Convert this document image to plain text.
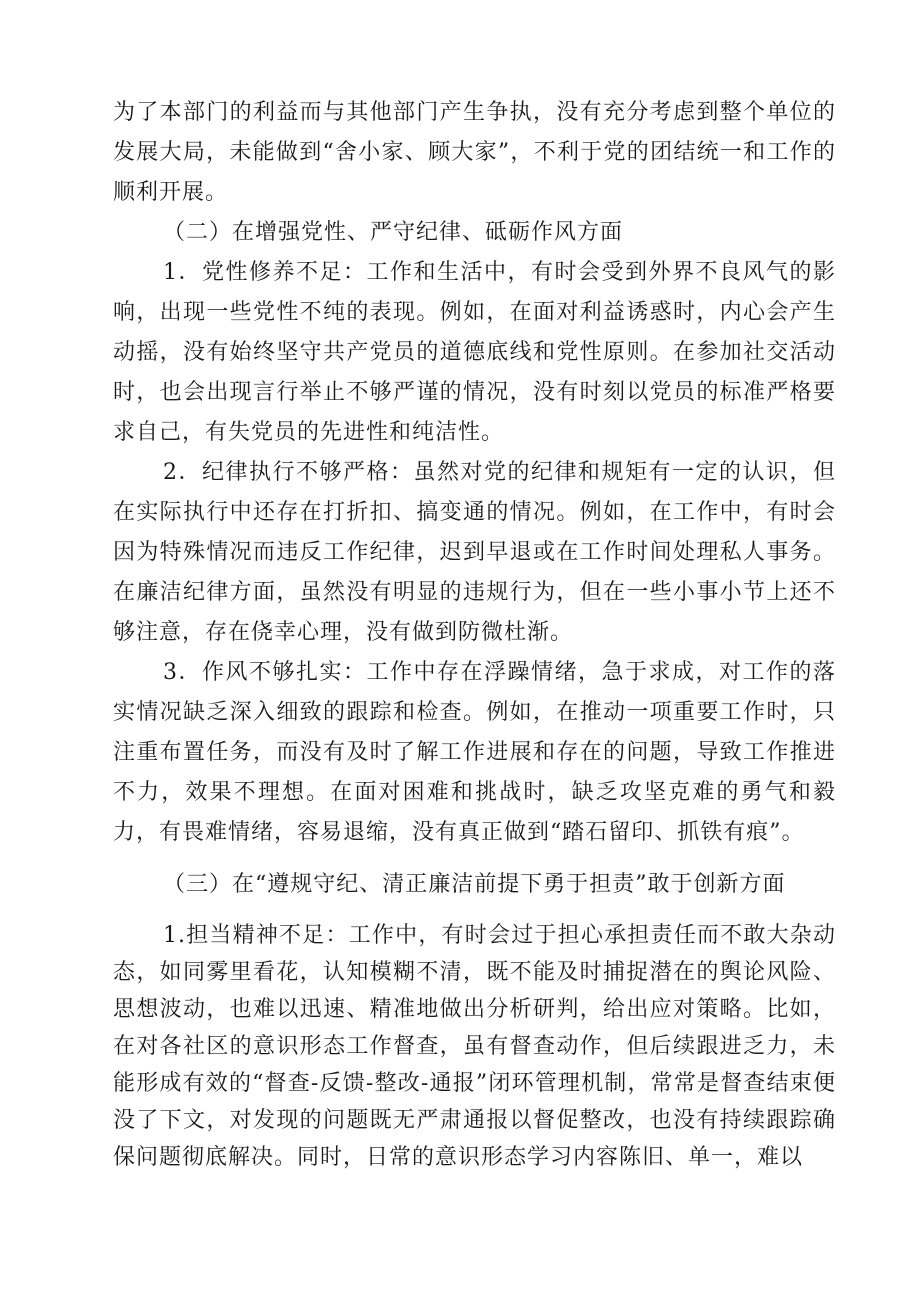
为了本部门的利益而与其他部门产生争执，没有充分考虑到整个单位的发展大局，未能做到“舍小家、顾大家”，不利于党的团结统一和工作的顺利开展。

（二）在增强党性、严守纪律、砥砺作风方面

1．党性修养不足：工作和生活中，有时会受到外界不良风气的影响，出现一些党性不纯的表现。例如，在面对利益诱惑时，内心会产生动摇，没有始终坚守共产党员的道德底线和党性原则。在参加社交活动时，也会出现言行举止不够严谨的情况，没有时刻以党员的标准严格要求自己，有失党员的先进性和纯洁性。

2．纪律执行不够严格：虽然对党的纪律和规矩有一定的认识，但在实际执行中还存在打折扣、搞变通的情况。例如，在工作中，有时会因为特殊情况而违反工作纪律，迟到早退或在工作时间处理私人事务。在廉洁纪律方面，虽然没有明显的违规行为，但在一些小事小节上还不够注意，存在侥幸心理，没有做到防微杜渐。

3．作风不够扎实：工作中存在浮躁情绪，急于求成，对工作的落实情况缺乏深入细致的跟踪和检查。例如，在推动一项重要工作时，只注重布置任务，而没有及时了解工作进展和存在的问题，导致工作推进不力，效果不理想。在面对困难和挑战时，缺乏攻坚克难的勇气和毅力，有畏难情绪，容易退缩，没有真正做到“踏石留印、抓铁有痕”。

（三）在“遵规守纪、清正廉洁前提下勇于担责”敢于创新方面

1.担当精神不足：工作中，有时会过于担心承担责任而不敢大杂动态，如同雾里看花，认知模糊不清，既不能及时捕捉潜在的舆论风险、思想波动，也难以迅速、精准地做出分析研判，给出应对策略。比如，在对各社区的意识形态工作督查，虽有督查动作，但后续跟进乏力，未能形成有效的“督查-反馈-整改-通报”闭环管理机制，常常是督查结束便没了下文，对发现的问题既无严肃通报以督促整改，也没有持续跟踪确保问题彻底解决。同时，日常的意识形态学习内容陈旧、单一，难以
